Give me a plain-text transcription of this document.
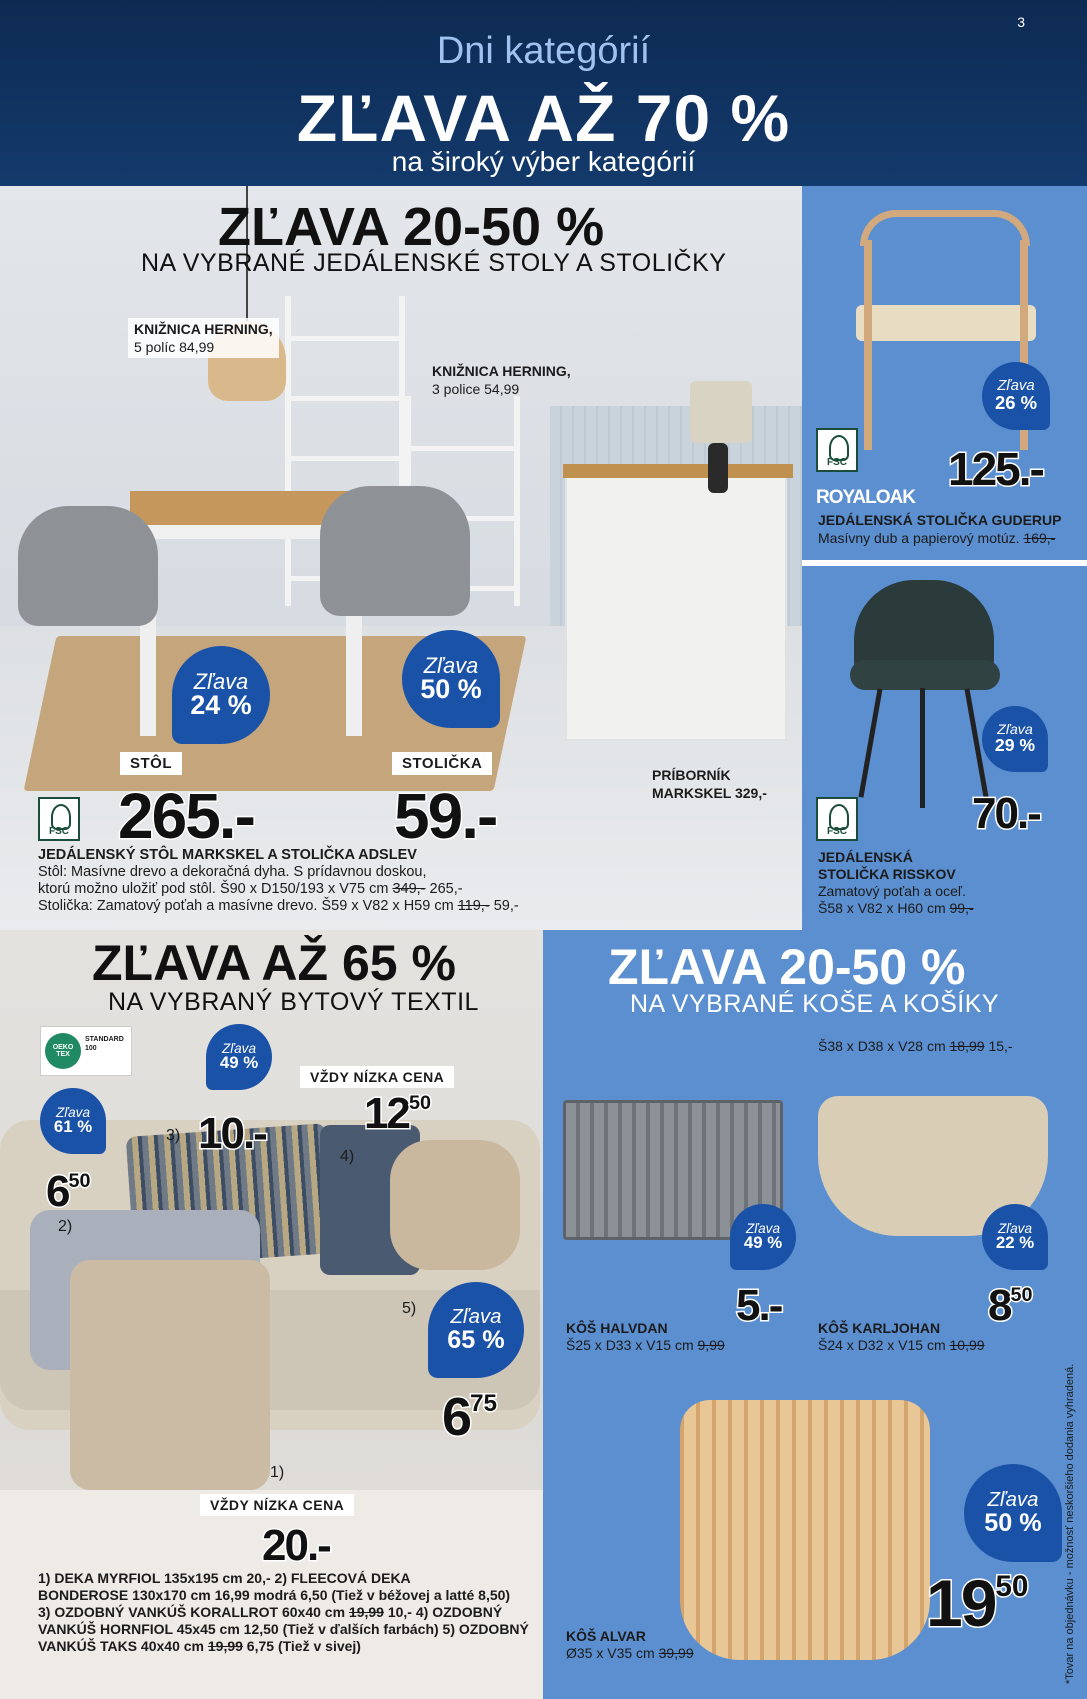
3
Dni kategórií
ZĽAVA AŽ 70 %
na široký výber kategórií
ZĽAVA 20-50 %
NA VYBRANÉ JEDÁLENSKÉ STOLY A STOLIČKY
KNIŽNICA HERNING,
5 políc 84,99
KNIŽNICA HERNING,
3 police 54,99
Zľava
24 %
Zľava
50 %
STÔL	STOLIČKA
265.- 59.-
PRÍBORNÍK
MARKSKEL 329,-
FSC
JEDÁLENSKÝ STÔL MARKSKEL A STOLIČKA ADSLEV
Stôl: Masívne drevo a dekoračná dyha. S prídavnou doskou,
ktorú možno uložiť pod stôl. Š90 x D150/193 x V75 cm 349,- 265,-
Stolička: Zamatový poťah a masívne drevo. Š59 x V82 x H59 cm 119,- 59,-
Zľava
26 %
FSC 125.-
ROYALOAK
JEDÁLENSKÁ STOLIČKA GUDERUP
Masívny dub a papierový motúz. 169,-
Zľava
29 %
FSC	70.-
JEDÁLENSKÁ
STOLIČKA RISSKOV
Zamatový poťah a oceľ.
Š58 x V82 x H60 cm 99,-
ZĽAVA AŽ 65 %
NA VYBRANÝ BYTOVÝ TEXTIL
OEKO
TEX
STANDARD 100	Zľava
49 %
Zľava
61 %
Zľava
65 %
VŽDY NÍZKA CENA
VŽDY NÍZKA CENA
3) 10.- $12^{50}$
4)
$6^{50}$
2)
5)
$6^{75}$
1)
20.-
1) DEKA MYRFIOL 135x195 cm 20,- 2) FLEECOVÁ DEKA
BONDEROSE 130x170 cm 16,99 modrá 6,50 (Tiež v béžovej a latté 8,50)
3) OZDOBNÝ VANKÚŠ KORALLROT 60x40 cm 19,99 10,- 4) OZDOBNÝ
VANKÚŠ HORNFIOL 45x45 cm 12,50 (Tiež v ďalších farbách) 5) OZDOBNÝ
VANKÚŠ TAKS 40x40 cm 19,99 6,75 (Tiež v sivej)
ZĽAVA 20-50 %
NA VYBRANÉ KOŠE A KOŠÍKY
Š38 x D38 x V28 cm 18,99 15,-
Zľava
49 %
Zľava
22 %
Zľava
50 %
5.-	$8^{50}$
$19^{50}$
KÔŠ HALVDAN
Š25 x D33 x V15 cm 9,99
KÔŠ KARLJOHAN
Š24 x D32 x V15 cm 10,99
KÔŠ ALVAR
Ø35 x V35 cm 39,99	*Tovar na objednávku - možnosť neskoršieho dodania vyhradená.
